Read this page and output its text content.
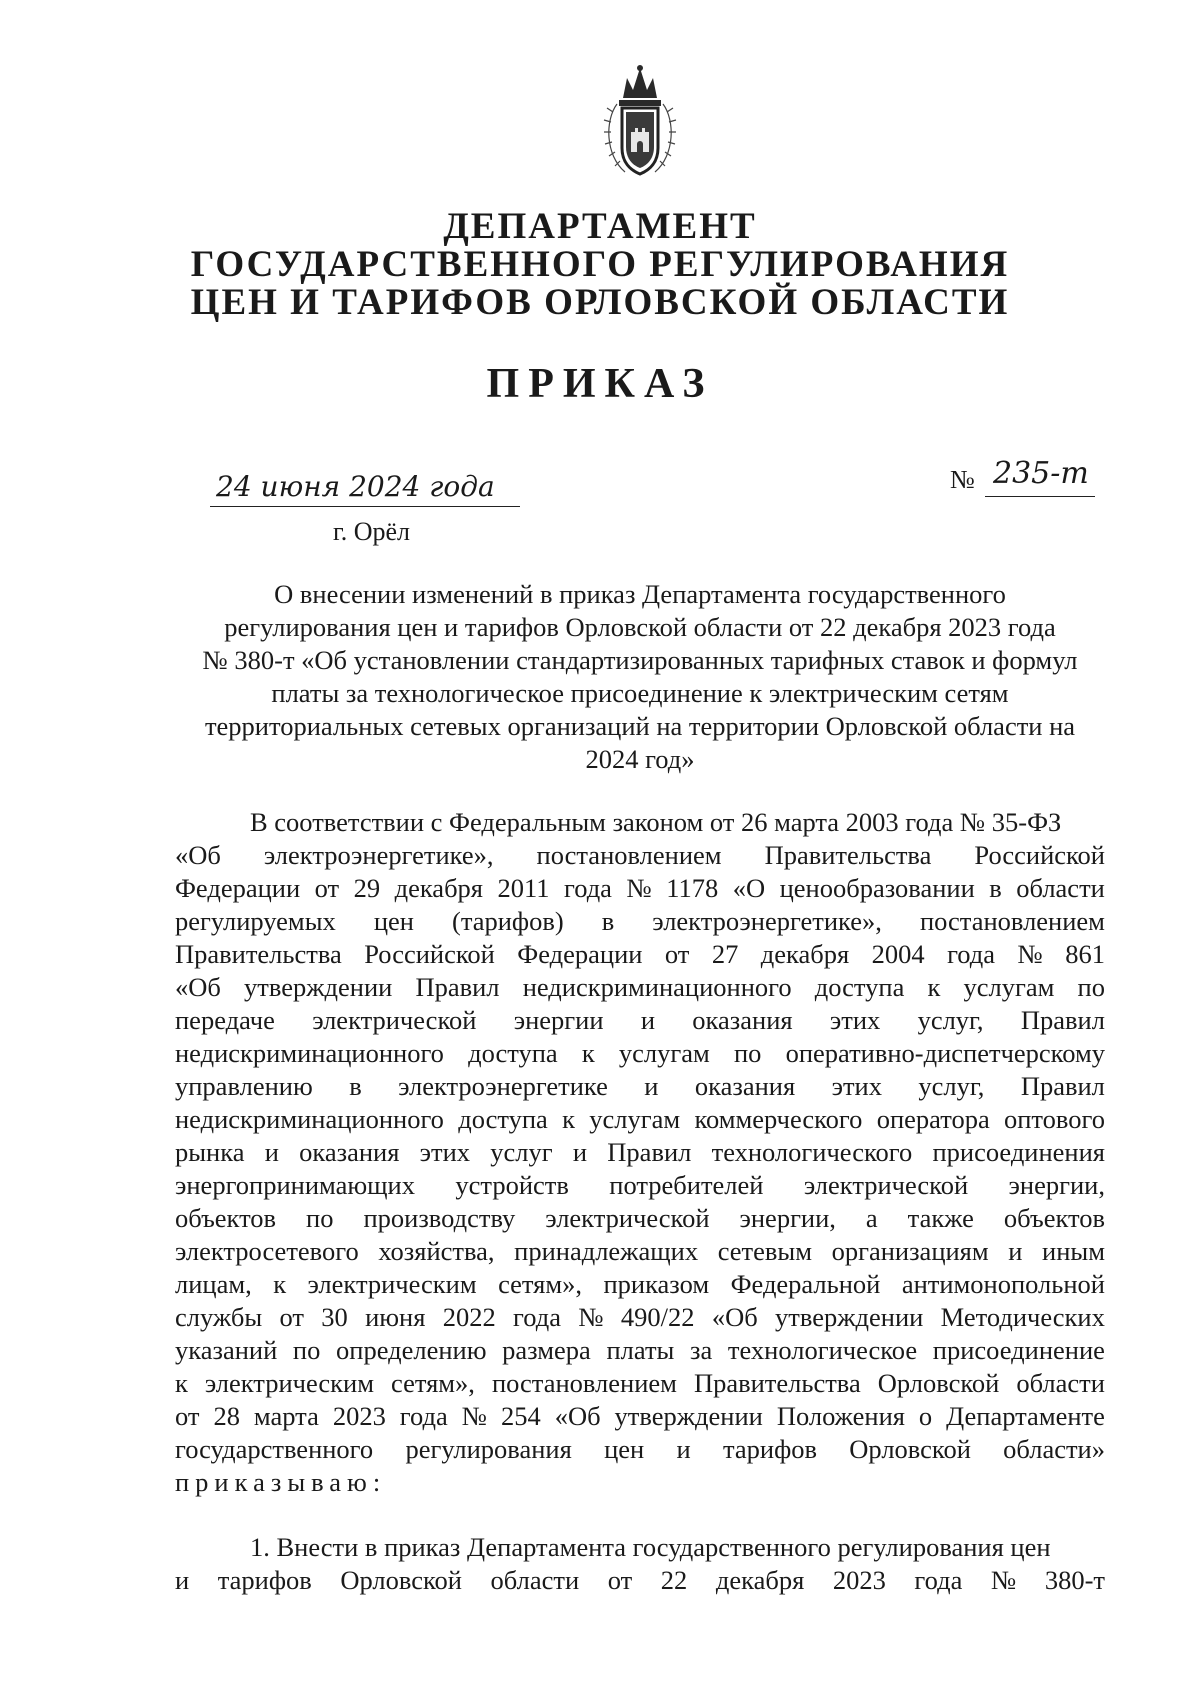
ДЕПАРТАМЕНТ
ГОСУДАРСТВЕННОГО РЕГУЛИРОВАНИЯ
ЦЕН И ТАРИФОВ ОРЛОВСКОЙ ОБЛАСТИ
ПРИКАЗ
24 июня 2024 года
г. Орёл
№ 235-т
О внесении изменений в приказ Департамента государственного
регулирования цен и тарифов Орловской области от 22 декабря 2023 года
№ 380-т «Об установлении стандартизированных тарифных ставок и формул
платы за технологическое присоединение к электрическим сетям
территориальных сетевых организаций на территории Орловской области на
2024 год»
В соответствии с Федеральным законом от 26 марта 2003 года № 35-ФЗ
«Об электроэнергетике», постановлением Правительства Российской
Федерации от 29 декабря 2011 года № 1178 «О ценообразовании в области
регулируемых цен (тарифов) в электроэнергетике», постановлением
Правительства Российской Федерации от 27 декабря 2004 года № 861
«Об утверждении Правил недискриминационного доступа к услугам по
передаче электрической энергии и оказания этих услуг, Правил
недискриминационного доступа к услугам по оперативно-диспетчерскому
управлению в электроэнергетике и оказания этих услуг, Правил
недискриминационного доступа к услугам коммерческого оператора оптового
рынка и оказания этих услуг и Правил технологического присоединения
энергопринимающих устройств потребителей электрической энергии,
объектов по производству электрической энергии, а также объектов
электросетевого хозяйства, принадлежащих сетевым организациям и иным
лицам, к электрическим сетям», приказом Федеральной антимонопольной
службы от 30 июня 2022 года № 490/22 «Об утверждении Методических
указаний по определению размера платы за технологическое присоединение
к электрическим сетям», постановлением Правительства Орловской области
от 28 марта 2023 года № 254 «Об утверждении Положения о Департаменте
государственного регулирования цен и тарифов Орловской области»
приказываю:
1. Внести в приказ Департамента государственного регулирования цен
и тарифов Орловской области от 22 декабря 2023 года № 380-т
